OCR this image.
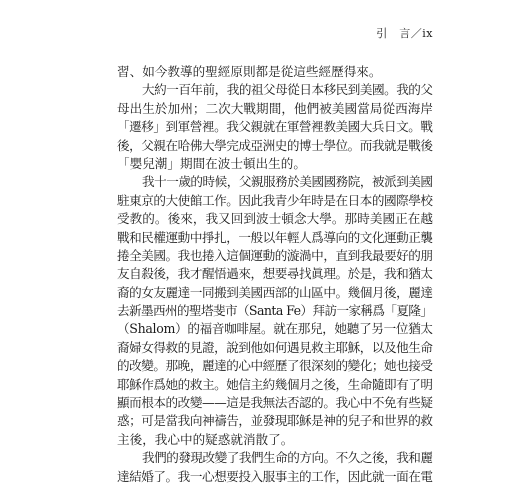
引　言／ix
習、如今教導的聖經原則都是從這些經歷得來。
大約一百年前，我的祖父母從日本移民到美國。我的父
母出生於加州；二次大戰期間，他們被美國當局從西海岸
「遷移」到軍營裡。我父親就在軍營裡教美國大兵日文。戰
後，父親在哈佛大學完成亞洲史的博士學位。而我就是戰後
「嬰兒潮」期間在波士頓出生的。
我十一歲的時候，父親服務於美國國務院，被派到美國
駐東京的大使館工作。因此我青少年時是在日本的國際學校
受教的。後來，我又回到波士頓念大學。那時美國正在越
戰和民權運動中掙扎，一般以年輕人爲導向的文化運動正襲
捲全美國。我也捲入這個運動的漩渦中，直到我最要好的朋
友自殺後，我才醒悟過來，想要尋找眞理。於是，我和猶太
裔的女友麗達一同搬到美國西部的山區中。幾個月後，麗達
去新墨西州的聖塔斐市（Santa Fe）拜訪一家稱爲「夏隆」
（Shalom）的福音咖啡屋。就在那兒，她聽了另一位猶太
裔婦女得救的見證，說到他如何遇見救主耶穌，以及他生命
的改變。那晚，麗達的心中經歷了很深刻的變化；她也接受
耶穌作爲她的救主。她信主約幾個月之後，生命隨即有了明
顯而根本的改變——這是我無法否認的。我心中不免有些疑
惑；可是當我向神禱告，並發現耶穌是神的兒子和世界的救
主後，我心中的疑惑就消散了。
我們的發現改變了我們生命的方向。不久之後，我和麗
達結婚了。我一心想要投入服事主的工作，因此就一面在電
